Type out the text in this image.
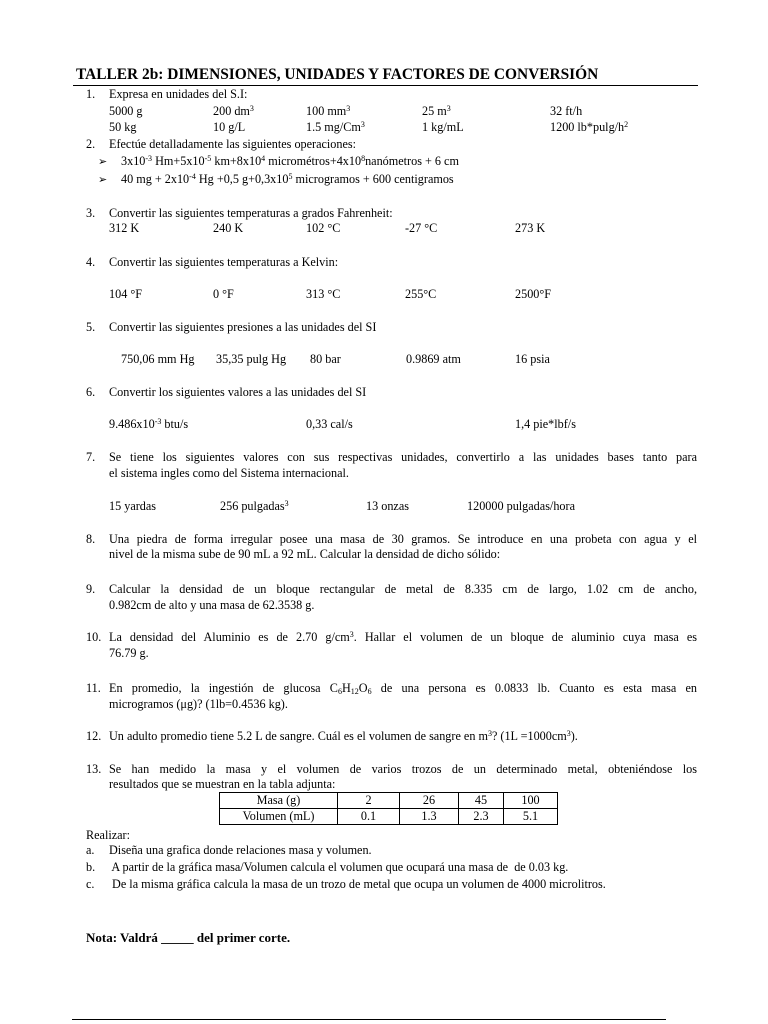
TALLER 2b: DIMENSIONES, UNIDADES Y FACTORES DE CONVERSIÓN
1. Expresa en unidades del S.I:
5000 g	200 $dm^3$	100 $mm^3$	25 $m^3$	32 ft/h
50 kg	10 g/L	1.5 mg/Cm$^3$	1 kg/mL	1200 $lb*pulg/h^2$
2. Efectúe detalladamente las siguientes operaciones:
➢ $3x10^{-3}$ $Hm+5x10^{-5}$ $km+8x10^4$ $micrométros+4x10^8nanómetros + 6$ cm
➢ 40 mg + $2x10^{-4}$ Hg +0,5 $g+0,3x10^5$ microgramos + 600 centigramos
3. Convertir las siguientes temperaturas a grados Fahrenheit:
312 K	240 K	102 °C	-27 °C	273 K
4. Convertir las siguientes temperaturas a Kelvin:
104 °F	0 °F	313 °C	255°C	2500°F
5. Convertir las siguientes presiones a las unidades del SI
750,06 mm Hg 35,35 pulg Hg 80 bar	0.9869 atm	16 psia
6. Convertir los siguientes valores a las unidades del SI
$9.486x10^{-3}$ btu/s	0,33 cal/s	1,4 pie*lbf/s
7. Se tiene los siguientes valores con sus respectivas unidades, convertirlo a las unidades bases tanto para
el sistema ingles como del Sistema internacional.
15 yardas	256 pulgadas$^3$	13 onzas	120000 pulgadas/hora
8. Una piedra de forma irregular posee una masa de 30 gramos. Se introduce en una probeta con agua y el
nivel de la misma sube de 90 mL a 92 mL. Calcular la densidad de dicho sólido:
9. Calcular la densidad de un bloque rectangular de metal de 8.335 cm de largo, 1.02 cm de ancho,
0.982cm de alto y una masa de 62.3538 g.
10. La densidad del Aluminio es de 2.70 $g/cm^3$. Hallar el volumen de un bloque de aluminio cuya masa es
76.79 g.
11. En promedio, la ingestión de glucosa $C_6H_{12}O_6$ de una persona es 0.0833 lb. Cuanto es esta masa en
microgramos (μg)? (1lb=0.4536 kg).
12. Un adulto promedio tiene 5.2 L de sangre. Cuál es el volumen de sangre en $m^3$? $(1L =1000cm^3)$.
13. Se han medido la masa y el volumen de varios trozos de un determinado metal, obteniéndose los
resultados que se muestran en la tabla adjunta:
Masa (g)	2	26	45	100
Volumen (mL)	0.1	1.3	2.3	5.1
Realizar:
a. Diseña una grafica donde relaciones masa y volumen.
b. A partir de la gráfica masa/Volumen calcula el volumen que ocupará una masa de  de 0.03 kg.
c. De la misma gráfica calcula la masa de un trozo de metal que ocupa un volumen de 4000 microlitros.
Nota: Valdrá _____ del primer corte.
